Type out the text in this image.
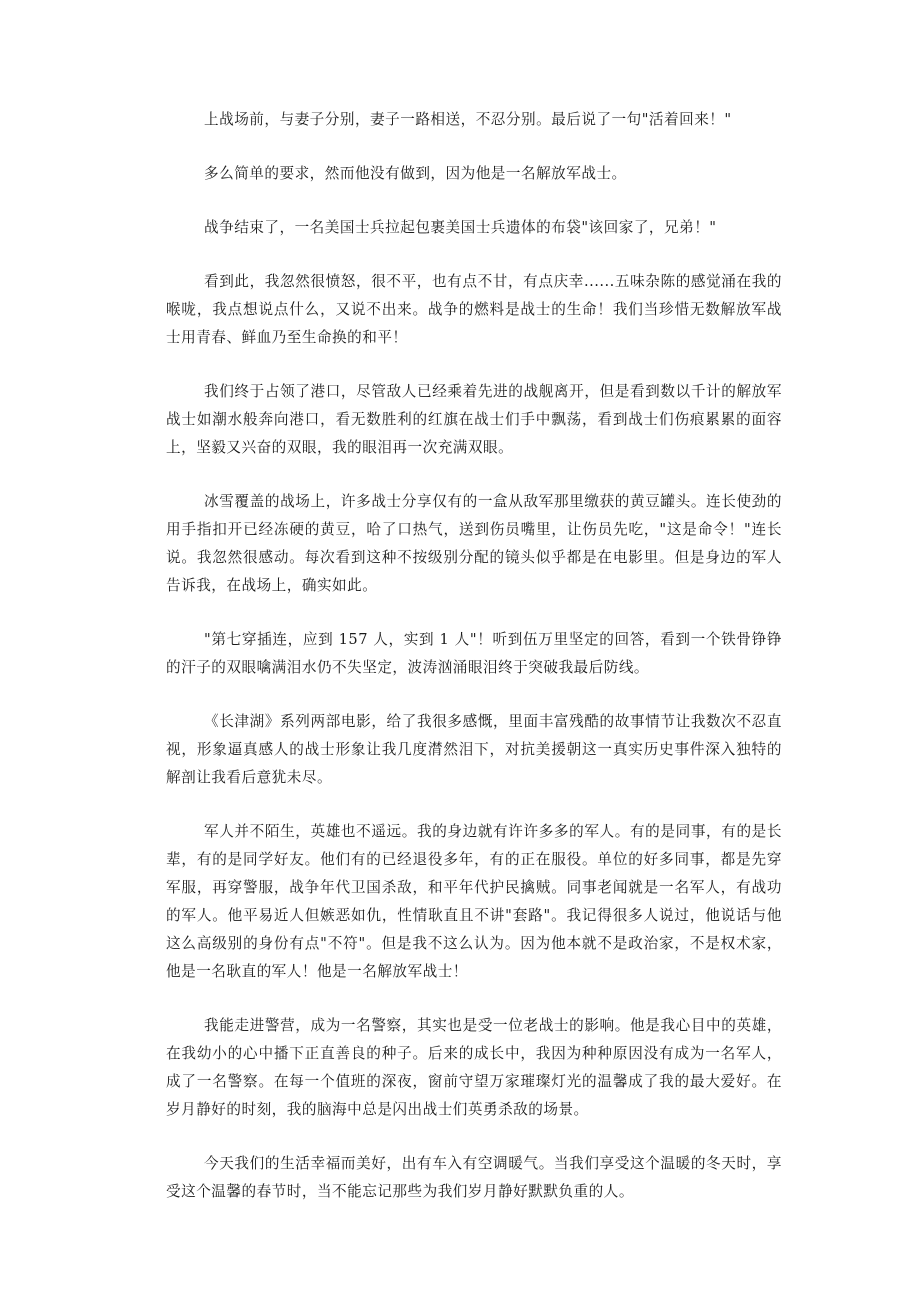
上战场前，与妻子分别，妻子一路相送，不忍分别。最后说了一句"活着回来！"

多么简单的要求，然而他没有做到，因为他是一名解放军战士。

战争结束了，一名美国士兵拉起包裹美国士兵遗体的布袋"该回家了，兄弟！"

看到此，我忽然很愤怒，很不平，也有点不甘，有点庆幸......五味杂陈的感觉涌在我的喉咙，我点想说点什么，又说不出来。战争的燃料是战士的生命！我们当珍惜无数解放军战士用青春、鲜血乃至生命换的和平！

我们终于占领了港口，尽管敌人已经乘着先进的战舰离开，但是看到数以千计的解放军战士如潮水般奔向港口，看无数胜利的红旗在战士们手中飘荡，看到战士们伤痕累累的面容上，坚毅又兴奋的双眼，我的眼泪再一次充满双眼。

冰雪覆盖的战场上，许多战士分享仅有的一盒从敌军那里缴获的黄豆罐头。连长使劲的用手指扣开已经冻硬的黄豆，哈了口热气，送到伤员嘴里，让伤员先吃，"这是命令！"连长说。我忽然很感动。每次看到这种不按级别分配的镜头似乎都是在电影里。但是身边的军人告诉我，在战场上，确实如此。

"第七穿插连，应到 157 人，实到 1 人"！听到伍万里坚定的回答，看到一个铁骨铮铮的汗子的双眼噙满泪水仍不失坚定，波涛汹涌眼泪终于突破我最后防线。

《长津湖》系列两部电影，给了我很多感慨，里面丰富残酷的故事情节让我数次不忍直视，形象逼真感人的战士形象让我几度潸然泪下，对抗美援朝这一真实历史事件深入独特的解剖让我看后意犹未尽。

军人并不陌生，英雄也不遥远。我的身边就有许许多多的军人。有的是同事，有的是长辈，有的是同学好友。他们有的已经退役多年，有的正在服役。单位的好多同事，都是先穿军服，再穿警服，战争年代卫国杀敌，和平年代护民擒贼。同事老闻就是一名军人，有战功的军人。他平易近人但嫉恶如仇，性情耿直且不讲"套路"。我记得很多人说过，他说话与他这么高级别的身份有点"不符"。但是我不这么认为。因为他本就不是政治家，不是权术家，他是一名耿直的军人！他是一名解放军战士！

我能走进警营，成为一名警察，其实也是受一位老战士的影响。他是我心目中的英雄，在我幼小的心中播下正直善良的种子。后来的成长中，我因为种种原因没有成为一名军人，成了一名警察。在每一个值班的深夜，窗前守望万家璀璨灯光的温馨成了我的最大爱好。在岁月静好的时刻，我的脑海中总是闪出战士们英勇杀敌的场景。

今天我们的生活幸福而美好，出有车入有空调暖气。当我们享受这个温暖的冬天时，享受这个温馨的春节时，当不能忘记那些为我们岁月静好默默负重的人。
